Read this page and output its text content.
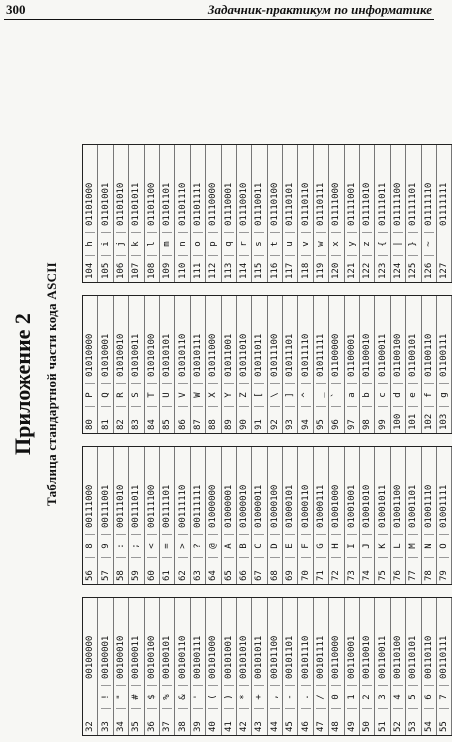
300	Задачник-практикум по информатике
Приложение 2 Таблица стандартной части кода ASCII
32
00100000
33
!
00100001
34
"
00100010
35
#
00100011
36
$
00100100
37
%
00100101
38
&
00100110
39
'
00100111
40
(
00101000
41
)
00101001
42
*
00101010
43
+
00101011
44
,
00101100
45
-
00101101
46
.
00101110
47
/
00101111
48
0
00110000
49
1
00110001
50
2
00110010
51
3
00110011
52
4
00110100
53
5
00110101
54
6
00110110
55
7
00110111
56
8
00111000
57
9
00111001
58
:
00111010
59
;
00111011
60
<
00111100
61
=
00111101
62
>
00111110
63
?
00111111
64
@
01000000
65
A
01000001
66
B
01000010
67
C
01000011
68
D
01000100
69
E
01000101
70
F
01000110
71
G
01000111
72
H
01001000
73
I
01001001
74
J
01001010
75
K
01001011
76
L
01001100
77
M
01001101
78
N
01001110
79
O
01001111
80
P
01010000
81
Q
01010001
82
R
01010010
83
S
01010011
84
T
01010100
85
U
01010101
86
V
01010110
87
W
01010111
88
X
01011000
89
Y
01011001
90
Z
01011010
91
[
01011011
92
\
01011100
93
]
01011101
94
^
01011110
95
_
01011111
96
`
01100000
97
a
01100001
98
b
01100010
99
c
01100011
100
d
01100100
101
e
01100101
102
f
01100110
103
g
01100111
104
h
01101000
105
i
01101001
106
j
01101010
107
k
01101011
108
l
01101100
109
m
01101101
110
n
01101110
111
o
01101111
112
p
01110000
113
q
01110001
114
r
01110010
115
s
01110011
116
t
01110100
117
u
01110101
118
v
01110110
119
w
01110111
120
x
01111000
121
y
01111001
122
z
01111010
123
{
01111011
124
|
01111100
125
}
01111101
126
~
01111110
127
01111111
